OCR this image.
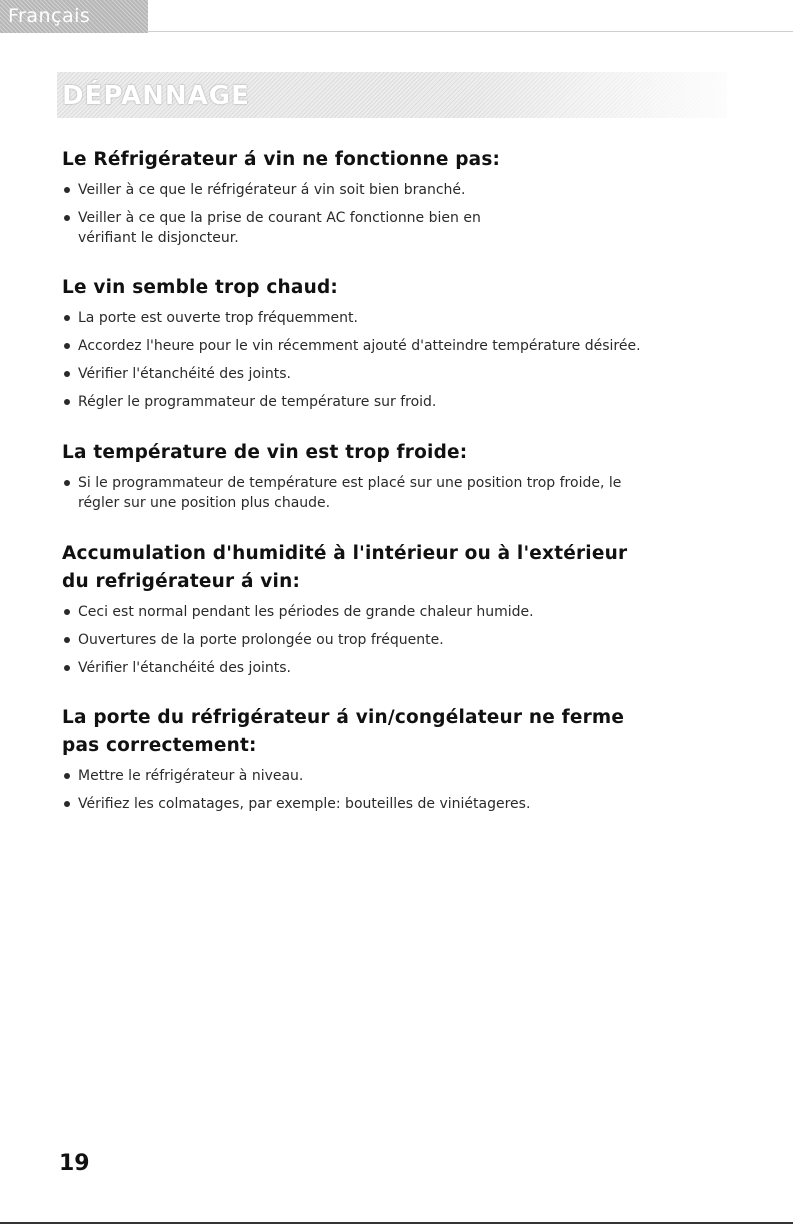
Français
DÉPANNAGE
Le Réfrigérateur á vin ne fonctionne pas:
Veiller à ce que le réfrigérateur á vin soit bien branché.
Veiller à ce que la prise de courant AC fonctionne bien en
vérifiant le disjoncteur.
Le vin semble trop chaud:
La porte est ouverte trop fréquemment.
Accordez l'heure pour le vin récemment ajouté d'atteindre température désirée.
Vérifier l'étanchéité des joints.
Régler le programmateur de température sur froid.
La température de vin est trop froide:
Si le programmateur de température est placé sur une position trop froide, le
régler sur une position plus chaude.
Accumulation d'humidité à l'intérieur ou à l'extérieur
du refrigérateur á vin:
Ceci est normal pendant les périodes de grande chaleur humide.
Ouvertures de la porte prolongée ou trop fréquente.
Vérifier l'étanchéité des joints.
La porte du réfrigérateur á vin/congélateur ne ferme
pas correctement:
Mettre le réfrigérateur à niveau.
Vérifiez les colmatages, par exemple: bouteilles de viniétageres.
19
